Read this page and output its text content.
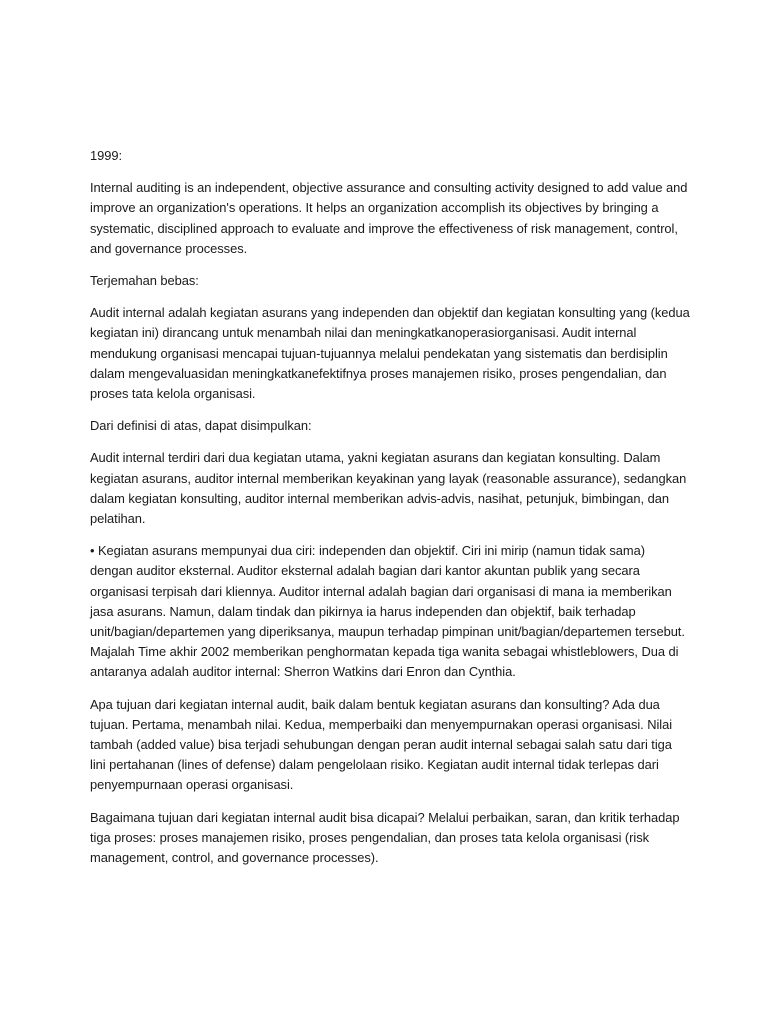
1999:

Internal auditing is an independent, objective assurance and consulting activity designed to add value and improve an organization's operations. It helps an organization accomplish its objectives by bringing a systematic, disciplined approach to evaluate and improve the effectiveness of risk management, control, and governance processes.

Terjemahan bebas:

Audit internal adalah kegiatan asurans yang independen dan objektif dan kegiatan konsulting yang (kedua kegiatan ini) dirancang untuk menambah nilai dan meningkatkanoperasiorganisasi. Audit internal mendukung organisasi mencapai tujuan-tujuannya melalui pendekatan yang sistematis dan berdisiplin dalam mengevaluasidan meningkatkanefektifnya proses manajemen risiko, proses pengendalian, dan proses tata kelola organisasi.

Dari definisi di atas, dapat disimpulkan:

Audit internal terdiri dari dua kegiatan utama, yakni kegiatan asurans dan kegiatan konsulting. Dalam kegiatan asurans, auditor internal memberikan keyakinan yang layak (reasonable assurance), sedangkan dalam kegiatan konsulting, auditor internal memberikan advis-advis, nasihat, petunjuk, bimbingan, dan pelatihan.

• Kegiatan asurans mempunyai dua ciri: independen dan objektif. Ciri ini mirip (namun tidak sama) dengan auditor eksternal. Auditor eksternal adalah bagian dari kantor akuntan publik yang secara organisasi terpisah dari kliennya. Auditor internal adalah bagian dari organisasi di mana ia memberikan jasa asurans. Namun, dalam tindak dan pikirnya ia harus independen dan objektif, baik terhadap unit/bagian/departemen yang diperiksanya, maupun terhadap pimpinan unit/bagian/departemen tersebut. Majalah Time akhir 2002 memberikan penghormatan kepada tiga wanita sebagai whistleblowers, Dua di antaranya adalah auditor internal: Sherron Watkins dari Enron dan Cynthia.

Apa tujuan dari kegiatan internal audit, baik dalam bentuk kegiatan asurans dan konsulting? Ada dua tujuan. Pertama, menambah nilai. Kedua, memperbaiki dan menyempurnakan operasi organisasi. Nilai tambah (added value) bisa terjadi sehubungan dengan peran audit internal sebagai salah satu dari tiga lini pertahanan (lines of defense) dalam pengelolaan risiko. Kegiatan audit internal tidak terlepas dari penyempurnaan operasi organisasi.

Bagaimana tujuan dari kegiatan internal audit bisa dicapai? Melalui perbaikan, saran, dan kritik terhadap tiga proses: proses manajemen risiko, proses pengendalian, dan proses tata kelola organisasi (risk management, control, and governance processes).
